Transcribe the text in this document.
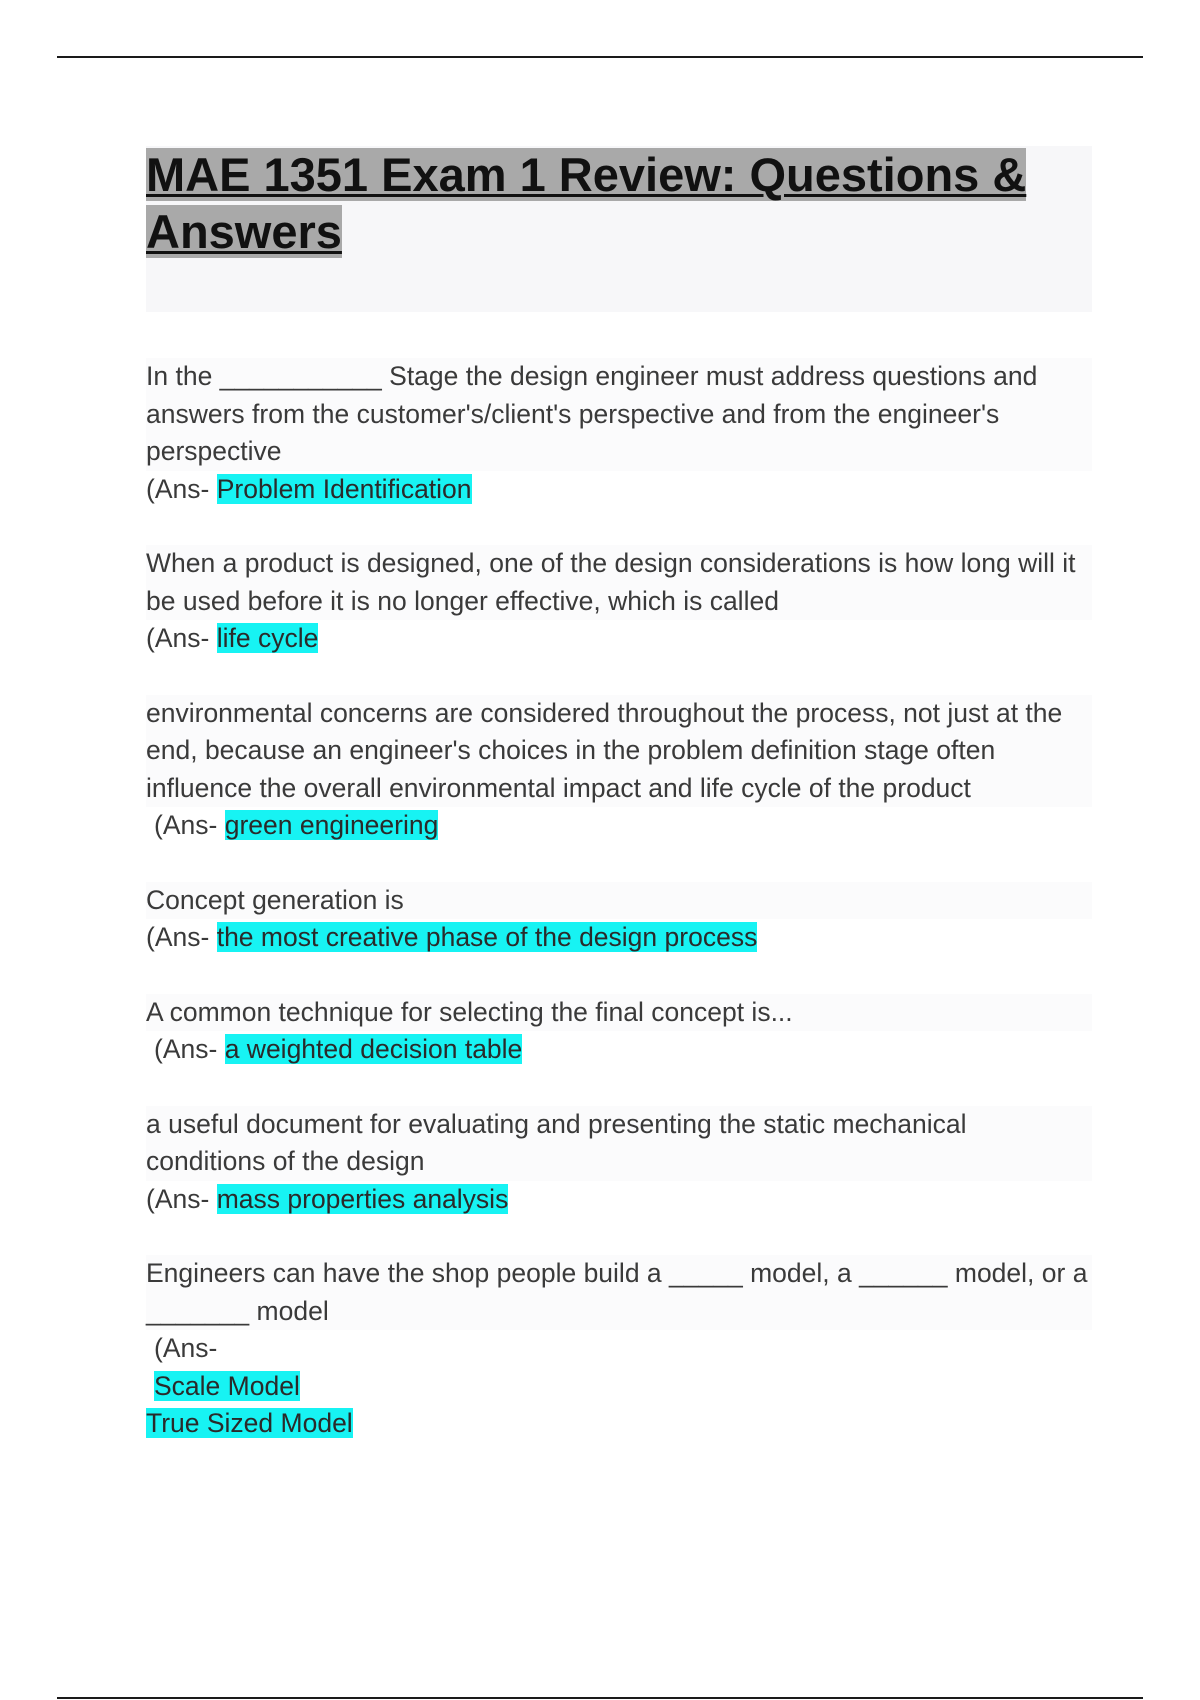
MAE 1351 Exam 1 Review: Questions & Answers

In the ___________ Stage the design engineer must address questions and answers from the customer's/client's perspective and from the engineer's perspective
(Ans- Problem Identification

When a product is designed, one of the design considerations is how long will it be used before it is no longer effective, which is called
(Ans- life cycle

environmental concerns are considered throughout the process, not just at the end, because an engineer's choices in the problem definition stage often influence the overall environmental impact and life cycle of the product
(Ans- green engineering

Concept generation is
(Ans- the most creative phase of the design process

A common technique for selecting the final concept is...
(Ans- a weighted decision table

a useful document for evaluating and presenting the static mechanical conditions of the design
(Ans- mass properties analysis

Engineers can have the shop people build a _____ model, a ______ model, or a _______ model
(Ans-
Scale Model
True Sized Model
